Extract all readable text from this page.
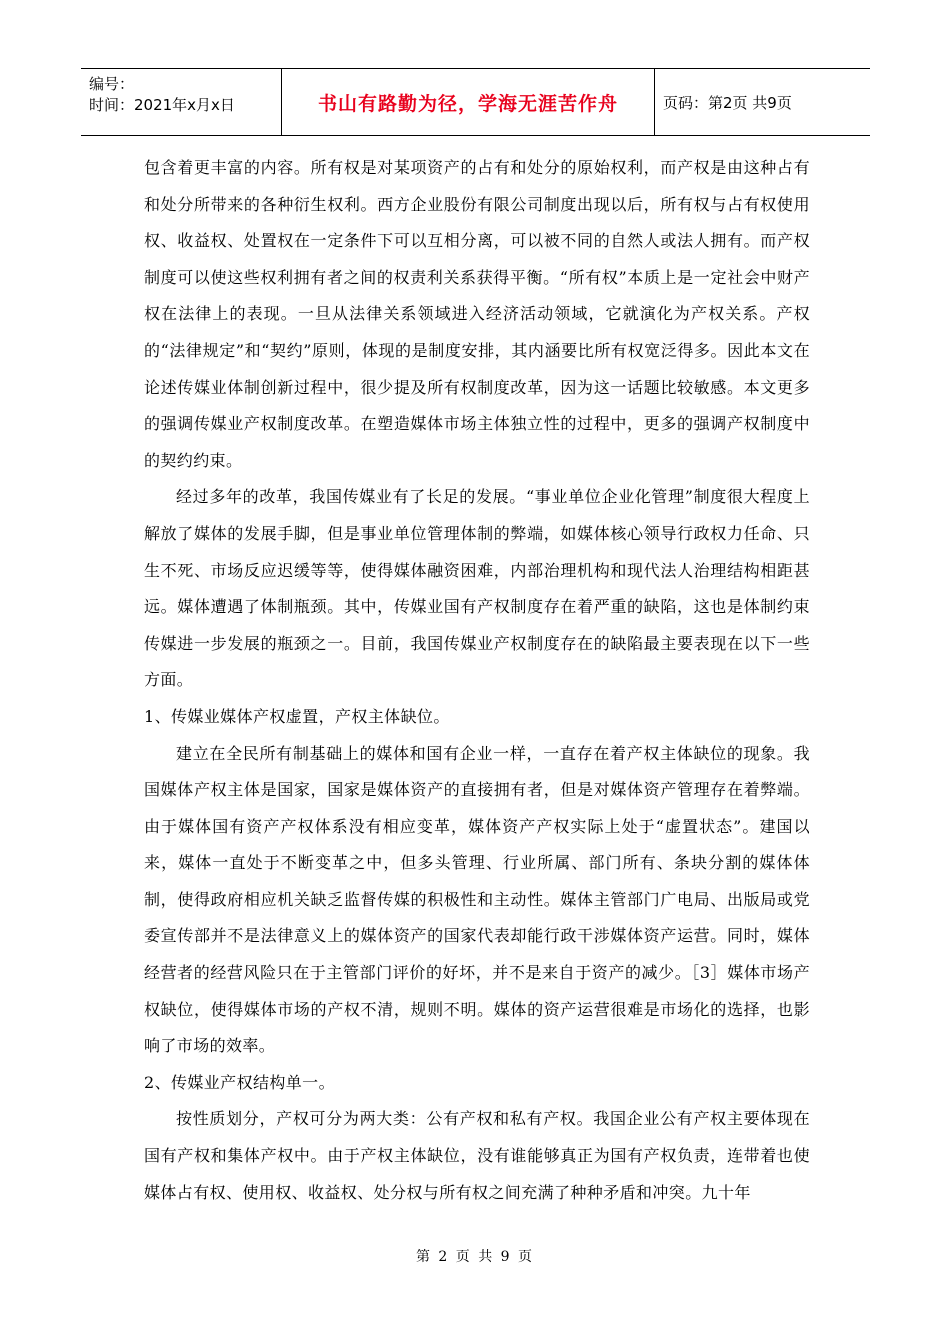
编号：
时间：2021年x月x日	书山有路勤为径，学海无涯苦作舟	页码：第2页 共9页

包含着更丰富的内容。所有权是对某项资产的占有和处分的原始权利，而产权是由这种占有和处分所带来的各种衍生权利。西方企业股份有限公司制度出现以后，所有权与占有权使用权、收益权、处置权在一定条件下可以互相分离，可以被不同的自然人或法人拥有。而产权制度可以使这些权利拥有者之间的权责利关系获得平衡。“所有权”本质上是一定社会中财产权在法律上的表现。一旦从法律关系领域进入经济活动领域，它就演化为产权关系。产权的“法律规定”和“契约”原则，体现的是制度安排，其内涵要比所有权宽泛得多。因此本文在论述传媒业体制创新过程中，很少提及所有权制度改革，因为这一话题比较敏感。本文更多的强调传媒业产权制度改革。在塑造媒体市场主体独立性的过程中，更多的强调产权制度中的契约约束。

经过多年的改革，我国传媒业有了长足的发展。“事业单位企业化管理”制度很大程度上解放了媒体的发展手脚，但是事业单位管理体制的弊端，如媒体核心领导行政权力任命、只生不死、市场反应迟缓等等，使得媒体融资困难，内部治理机构和现代法人治理结构相距甚远。媒体遭遇了体制瓶颈。其中，传媒业国有产权制度存在着严重的缺陷，这也是体制约束传媒进一步发展的瓶颈之一。目前，我国传媒业产权制度存在的缺陷最主要表现在以下一些方面。

1、传媒业媒体产权虚置，产权主体缺位。

建立在全民所有制基础上的媒体和国有企业一样，一直存在着产权主体缺位的现象。我国媒体产权主体是国家，国家是媒体资产的直接拥有者，但是对媒体资产管理存在着弊端。由于媒体国有资产产权体系没有相应变革，媒体资产产权实际上处于“虚置状态”。建国以来，媒体一直处于不断变革之中，但多头管理、行业所属、部门所有、条块分割的媒体体制，使得政府相应机关缺乏监督传媒的积极性和主动性。媒体主管部门广电局、出版局或党委宣传部并不是法律意义上的媒体资产的国家代表却能行政干涉媒体资产运营。同时，媒体经营者的经营风险只在于主管部门评价的好坏，并不是来自于资产的减少。［3］媒体市场产权缺位，使得媒体市场的产权不清，规则不明。媒体的资产运营很难是市场化的选择，也影响了市场的效率。

2、传媒业产权结构单一。

按性质划分，产权可分为两大类：公有产权和私有产权。我国企业公有产权主要体现在国有产权和集体产权中。由于产权主体缺位，没有谁能够真正为国有产权负责，连带着也使媒体占有权、使用权、收益权、处分权与所有权之间充满了种种矛盾和冲突。九十年

第 2 页 共 9 页
